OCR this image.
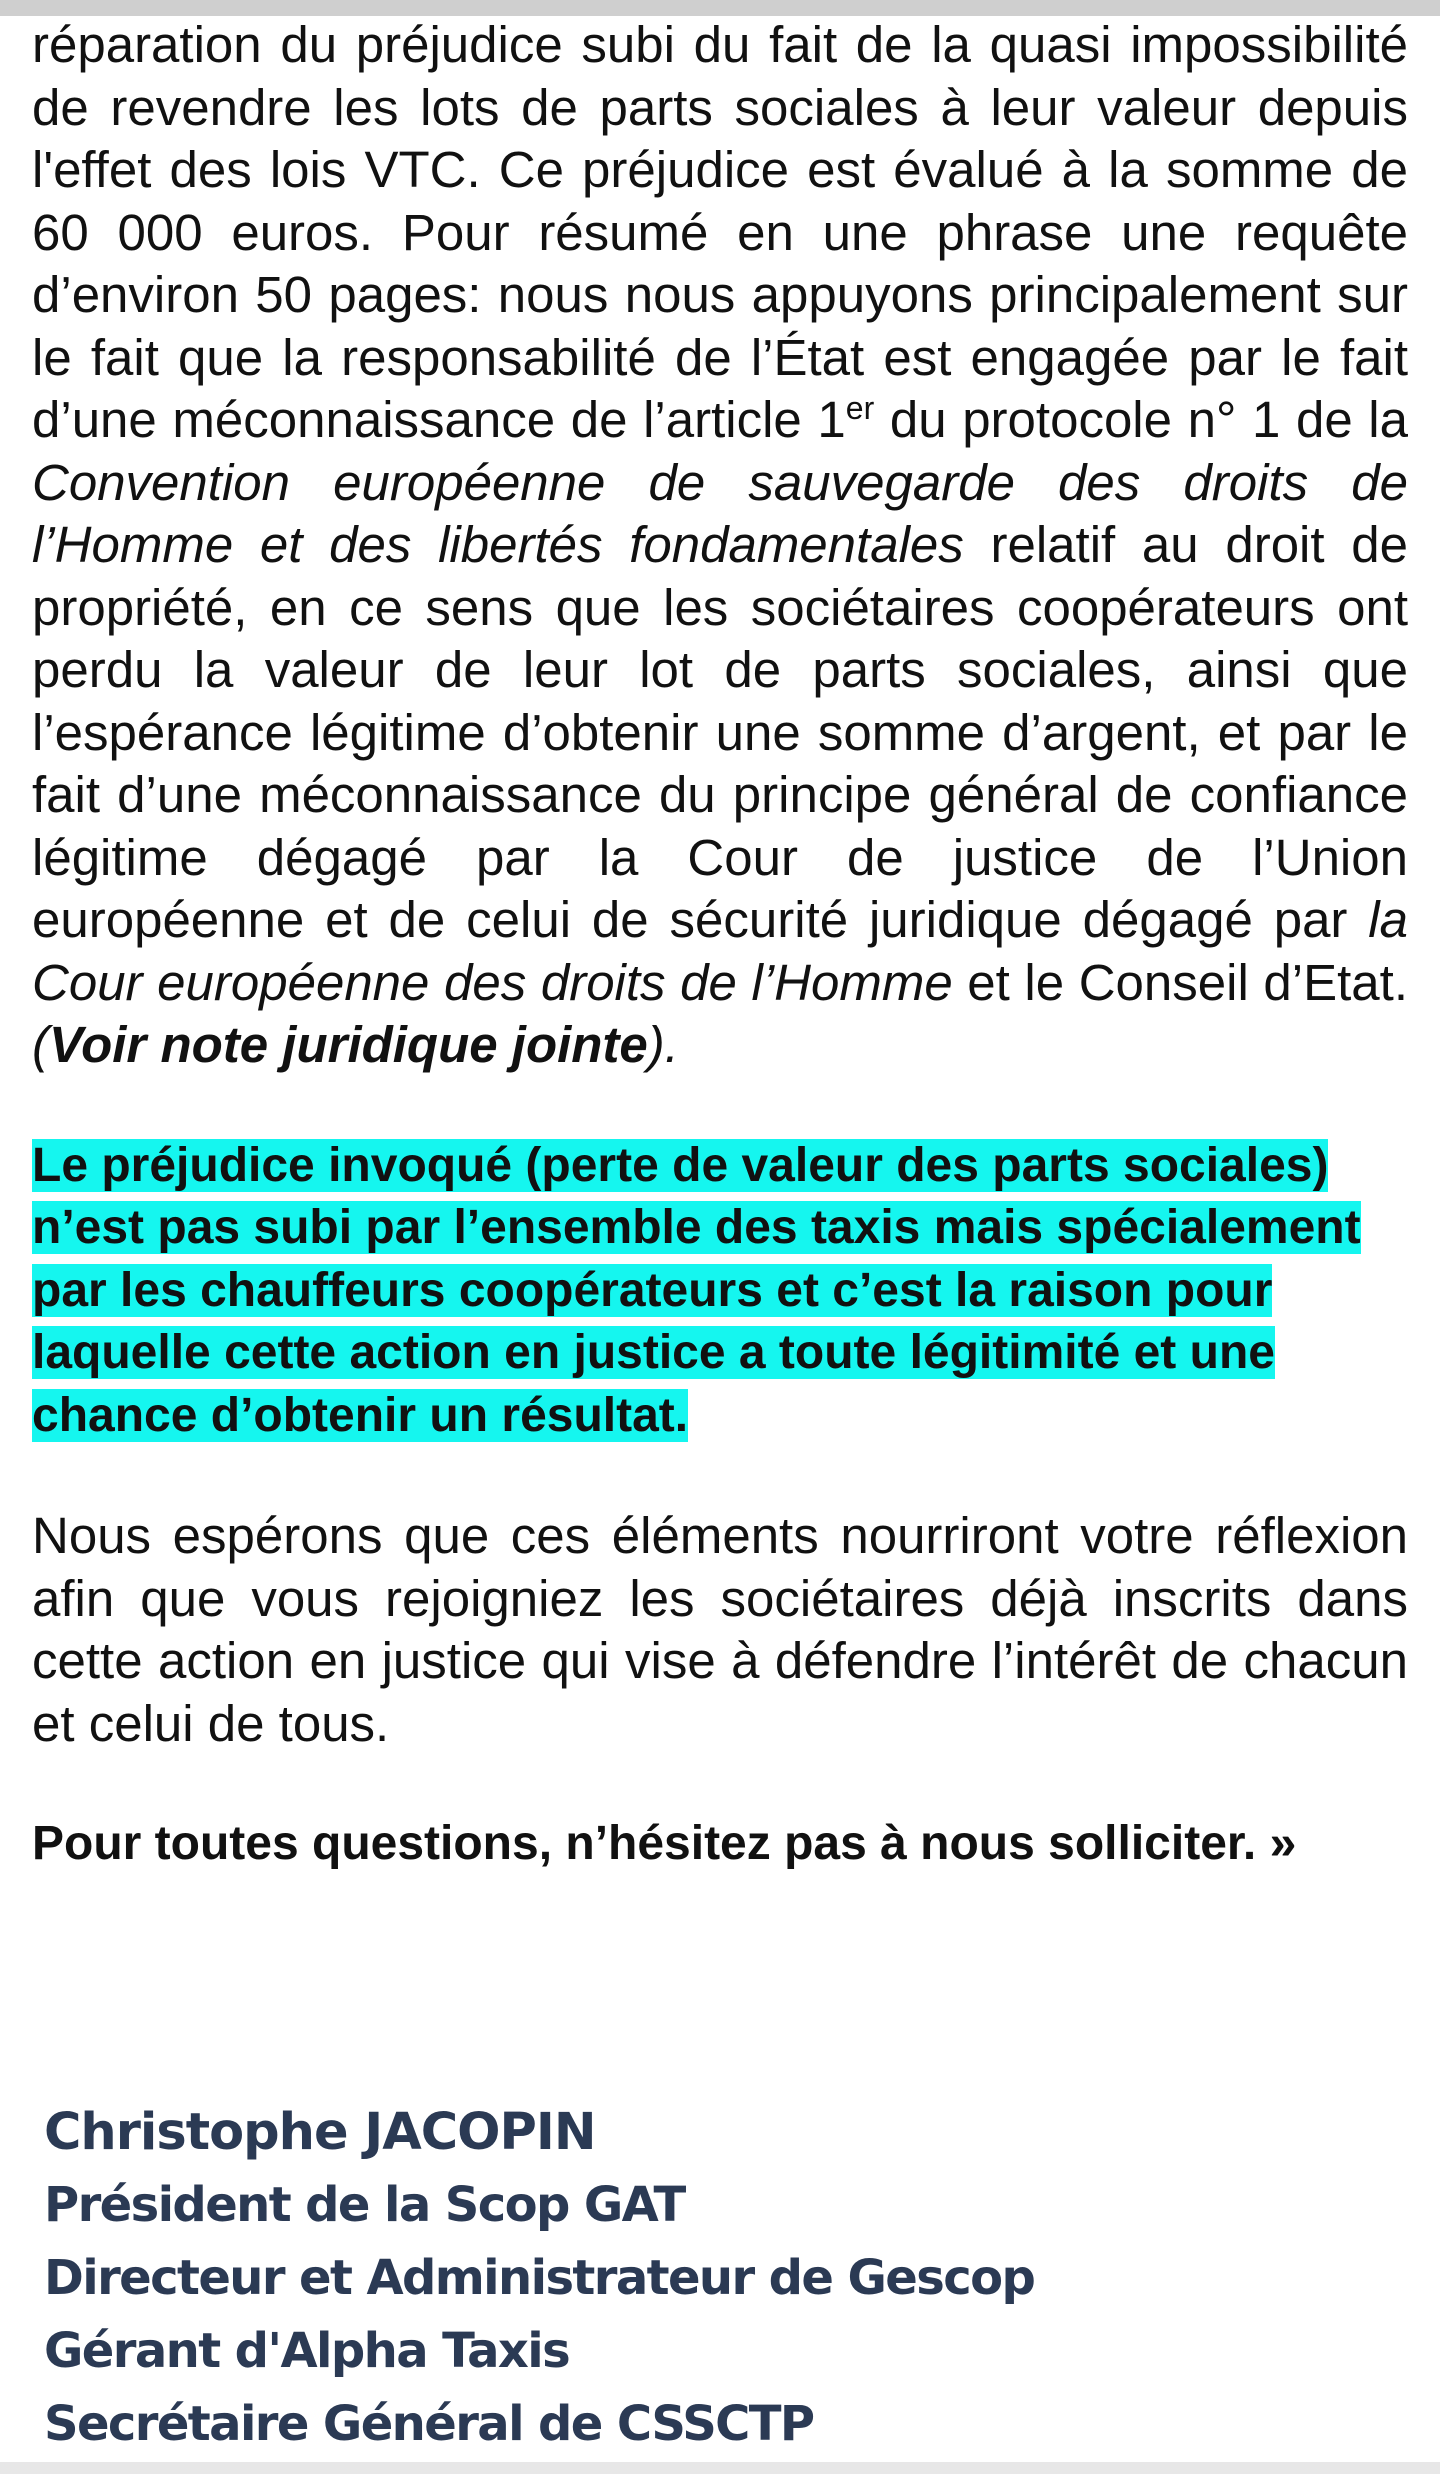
réparation du préjudice subi du fait de la quasi impossibilité de revendre les lots de parts sociales à leur valeur depuis l'effet des lois VTC. Ce préjudice est évalué à la somme de 60 000 euros. Pour résumé en une phrase une requête d’environ 50 pages: nous nous appuyons principalement sur le fait que la responsabilité de l’État est engagée par le fait d’une méconnaissance de l’article 1er du protocole n° 1 de la Convention européenne de sauvegarde des droits de l’Homme et des libertés fondamentales relatif au droit de propriété, en ce sens que les sociétaires coopérateurs ont perdu la valeur de leur lot de parts sociales, ainsi que l’espérance légitime d’obtenir une somme d’argent, et par le fait d’une méconnaissance du principe général de confiance légitime dégagé par la Cour de justice de l’Union européenne et de celui de sécurité juridique dégagé par la Cour européenne des droits de l’Homme et le Conseil d’Etat. (Voir note juridique jointe).

Le préjudice invoqué (perte de valeur des parts sociales) n’est pas subi par l’ensemble des taxis mais spécialement par les chauffeurs coopérateurs et c’est la raison pour laquelle cette action en justice a toute légitimité et une chance d’obtenir un résultat.

Nous espérons que ces éléments nourriront votre réflexion afin que vous rejoigniez les sociétaires déjà inscrits dans cette action en justice qui vise à défendre l’intérêt de chacun et celui de tous.

Pour toutes questions, n’hésitez pas à nous solliciter. »

Christophe JACOPIN
Président de la Scop GAT
Directeur et Administrateur de Gescop
Gérant d'Alpha Taxis
Secrétaire Général de CSSCTP
